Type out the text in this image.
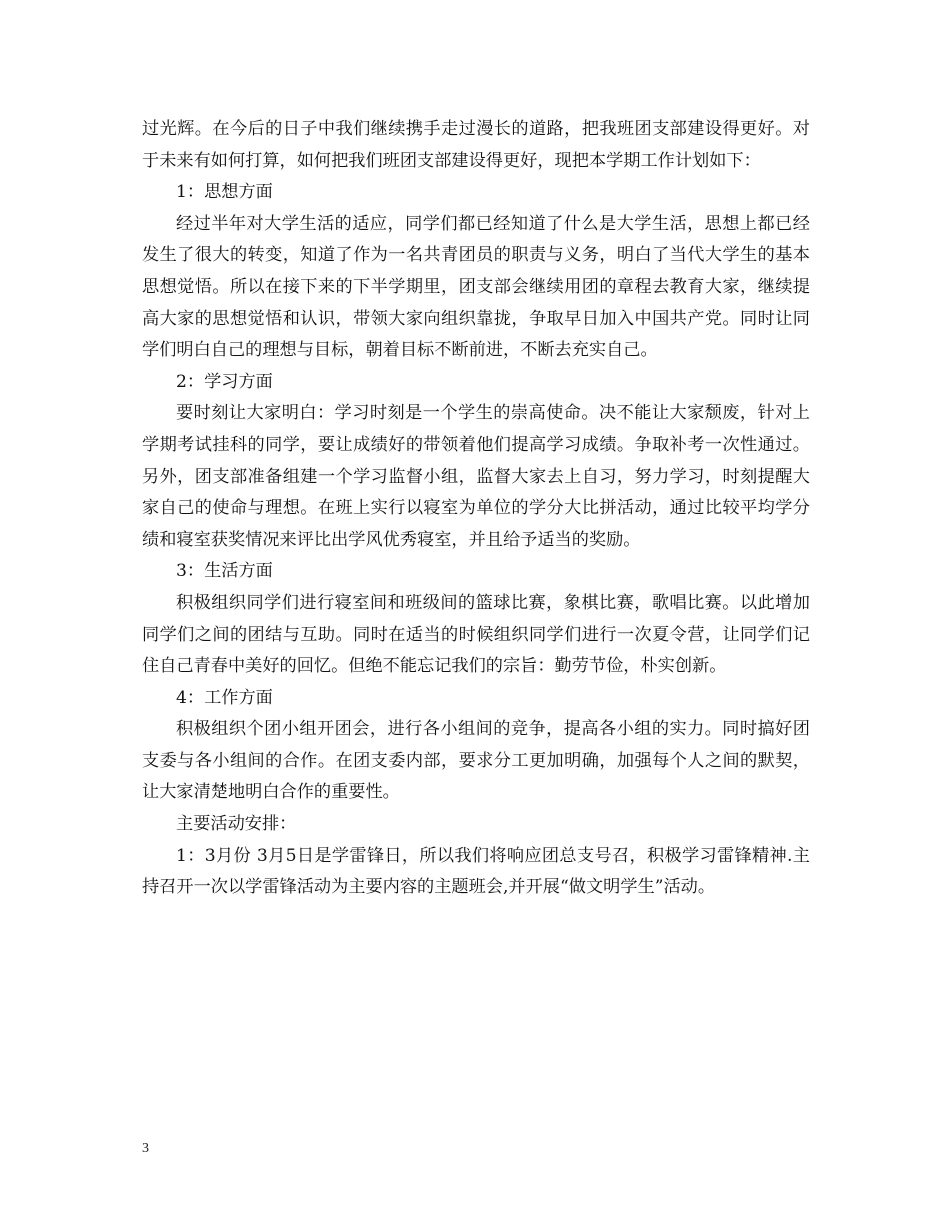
过光辉。在今后的日子中我们继续携手走过漫长的道路，把我班团支部建设得更好。对于未来有如何打算，如何把我们班团支部建设得更好，现把本学期工作计划如下：

1：思想方面

经过半年对大学生活的适应，同学们都已经知道了什么是大学生活，思想上都已经发生了很大的转变，知道了作为一名共青团员的职责与义务，明白了当代大学生的基本思想觉悟。所以在接下来的下半学期里，团支部会继续用团的章程去教育大家，继续提高大家的思想觉悟和认识，带领大家向组织靠拢，争取早日加入中国共产党。同时让同学们明白自己的理想与目标，朝着目标不断前进，不断去充实自己。

2：学习方面

要时刻让大家明白：学习时刻是一个学生的崇高使命。决不能让大家颓废，针对上学期考试挂科的同学，要让成绩好的带领着他们提高学习成绩。争取补考一次性通过。另外，团支部准备组建一个学习监督小组，监督大家去上自习，努力学习，时刻提醒大家自己的使命与理想。在班上实行以寝室为单位的学分大比拼活动，通过比较平均学分绩和寝室获奖情况来评比出学风优秀寝室，并且给予适当的奖励。

3：生活方面

积极组织同学们进行寝室间和班级间的篮球比赛，象棋比赛，歌唱比赛。以此增加同学们之间的团结与互助。同时在适当的时候组织同学们进行一次夏令营，让同学们记住自己青春中美好的回忆。但绝不能忘记我们的宗旨：勤劳节俭，朴实创新。

4：工作方面

积极组织个团小组开团会，进行各小组间的竞争，提高各小组的实力。同时搞好团支委与各小组间的合作。在团支委内部，要求分工更加明确，加强每个人之间的默契，让大家清楚地明白合作的重要性。

主要活动安排：

1：3月份 3月5日是学雷锋日，所以我们将响应团总支号召，积极学习雷锋精神.主持召开一次以学雷锋活动为主要内容的主题班会,并开展“做文明学生”活动。

3
